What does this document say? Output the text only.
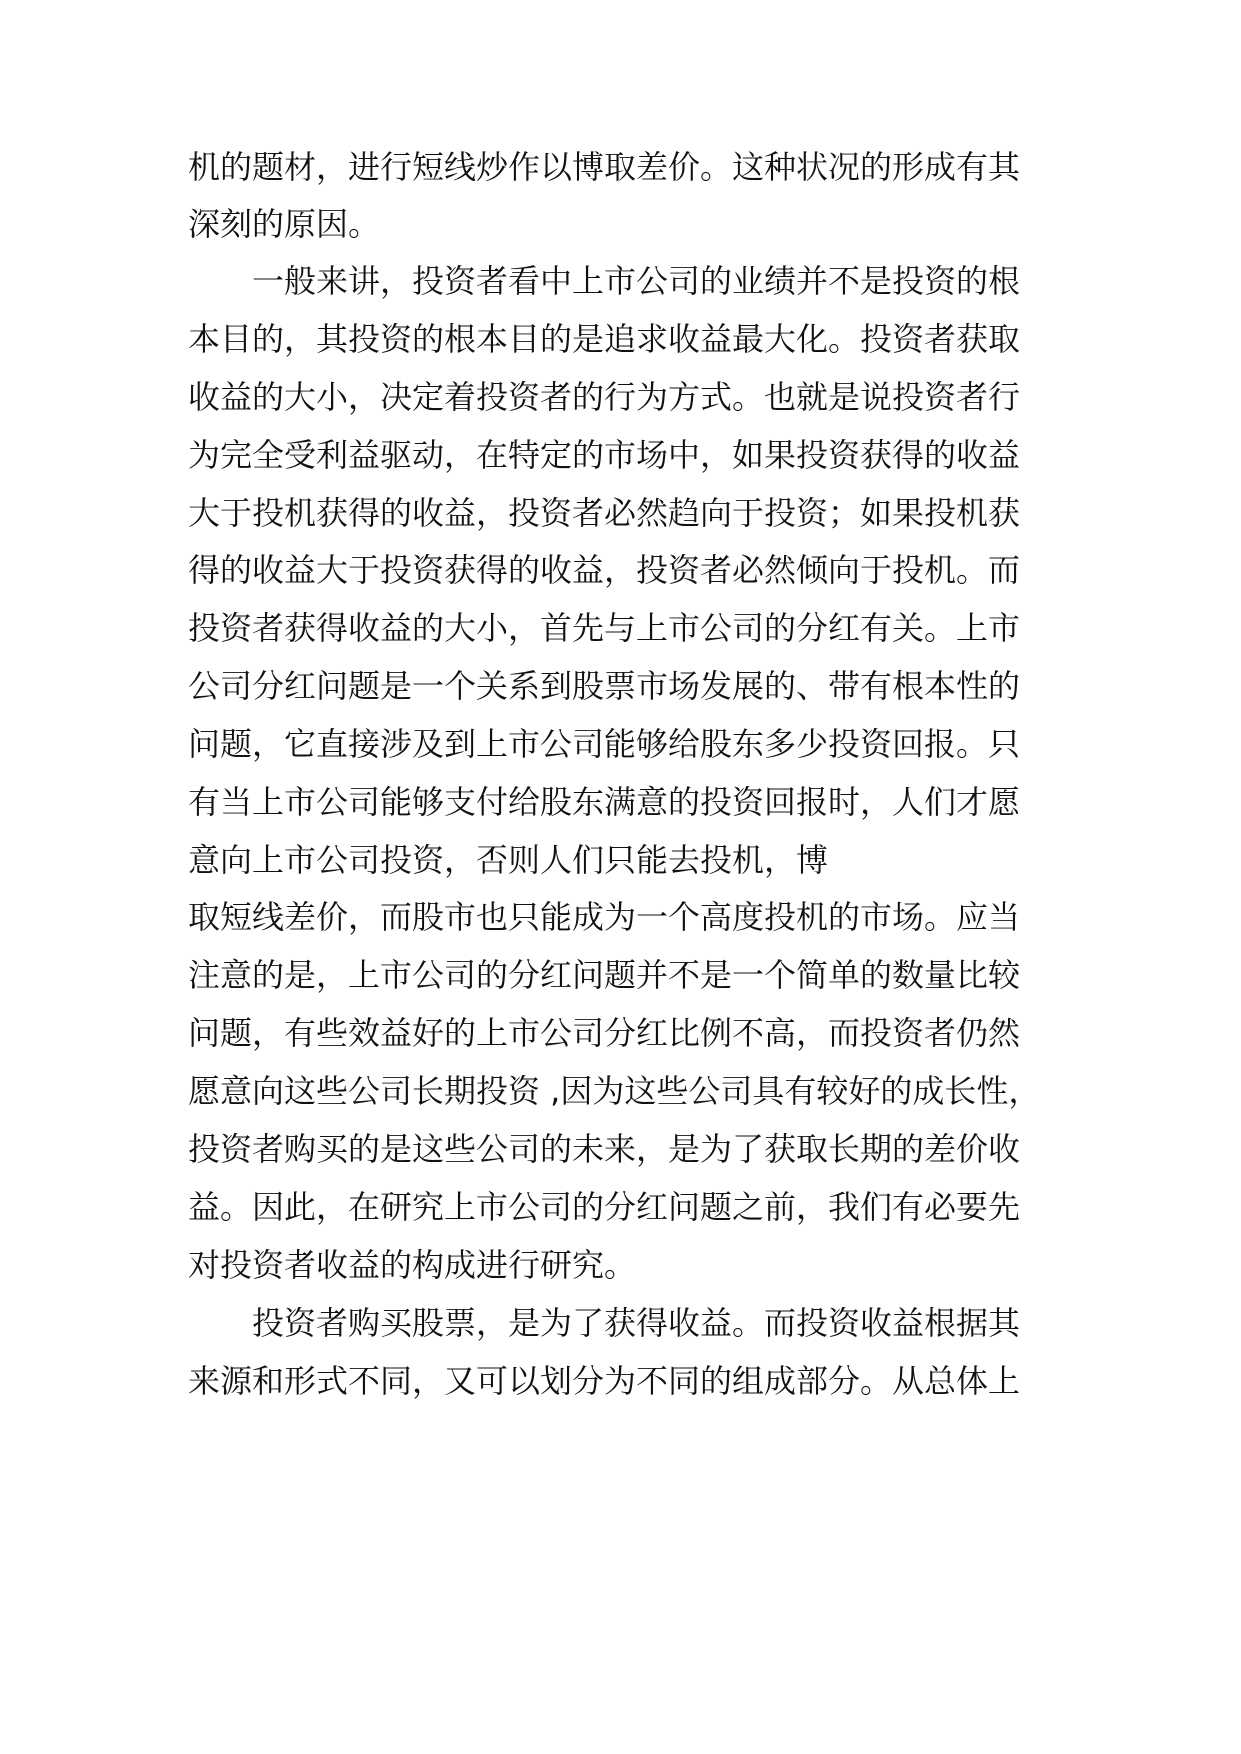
机的题材，进行短线炒作以博取差价。这种状况的形成有其
深刻的原因。
一般来讲，投资者看中上市公司的业绩并不是投资的根
本目的，其投资的根本目的是追求收益最大化。投资者获取
收益的大小，决定着投资者的行为方式。也就是说投资者行
为完全受利益驱动，在特定的市场中，如果投资获得的收益
大于投机获得的收益，投资者必然趋向于投资；如果投机获
得的收益大于投资获得的收益，投资者必然倾向于投机。而
投资者获得收益的大小，首先与上市公司的分红有关。上市
公司分红问题是一个关系到股票市场发展的、带有根本性的
问题，它直接涉及到上市公司能够给股东多少投资回报。只
有当上市公司能够支付给股东满意的投资回报时，人们才愿
意向上市公司投资，否则人们只能去投机，博
取短线差价，而股市也只能成为一个高度投机的市场。应当
注意的是，上市公司的分红问题并不是一个简单的数量比较
问题，有些效益好的上市公司分红比例不高，而投资者仍然
愿意向这些公司长期投资 ,因为这些公司具有较好的成长性，
投资者购买的是这些公司的未来，是为了获取长期的差价收
益。因此，在研究上市公司的分红问题之前，我们有必要先
对投资者收益的构成进行研究。
投资者购买股票，是为了获得收益。而投资收益根据其
来源和形式不同，又可以划分为不同的组成部分。从总体上
